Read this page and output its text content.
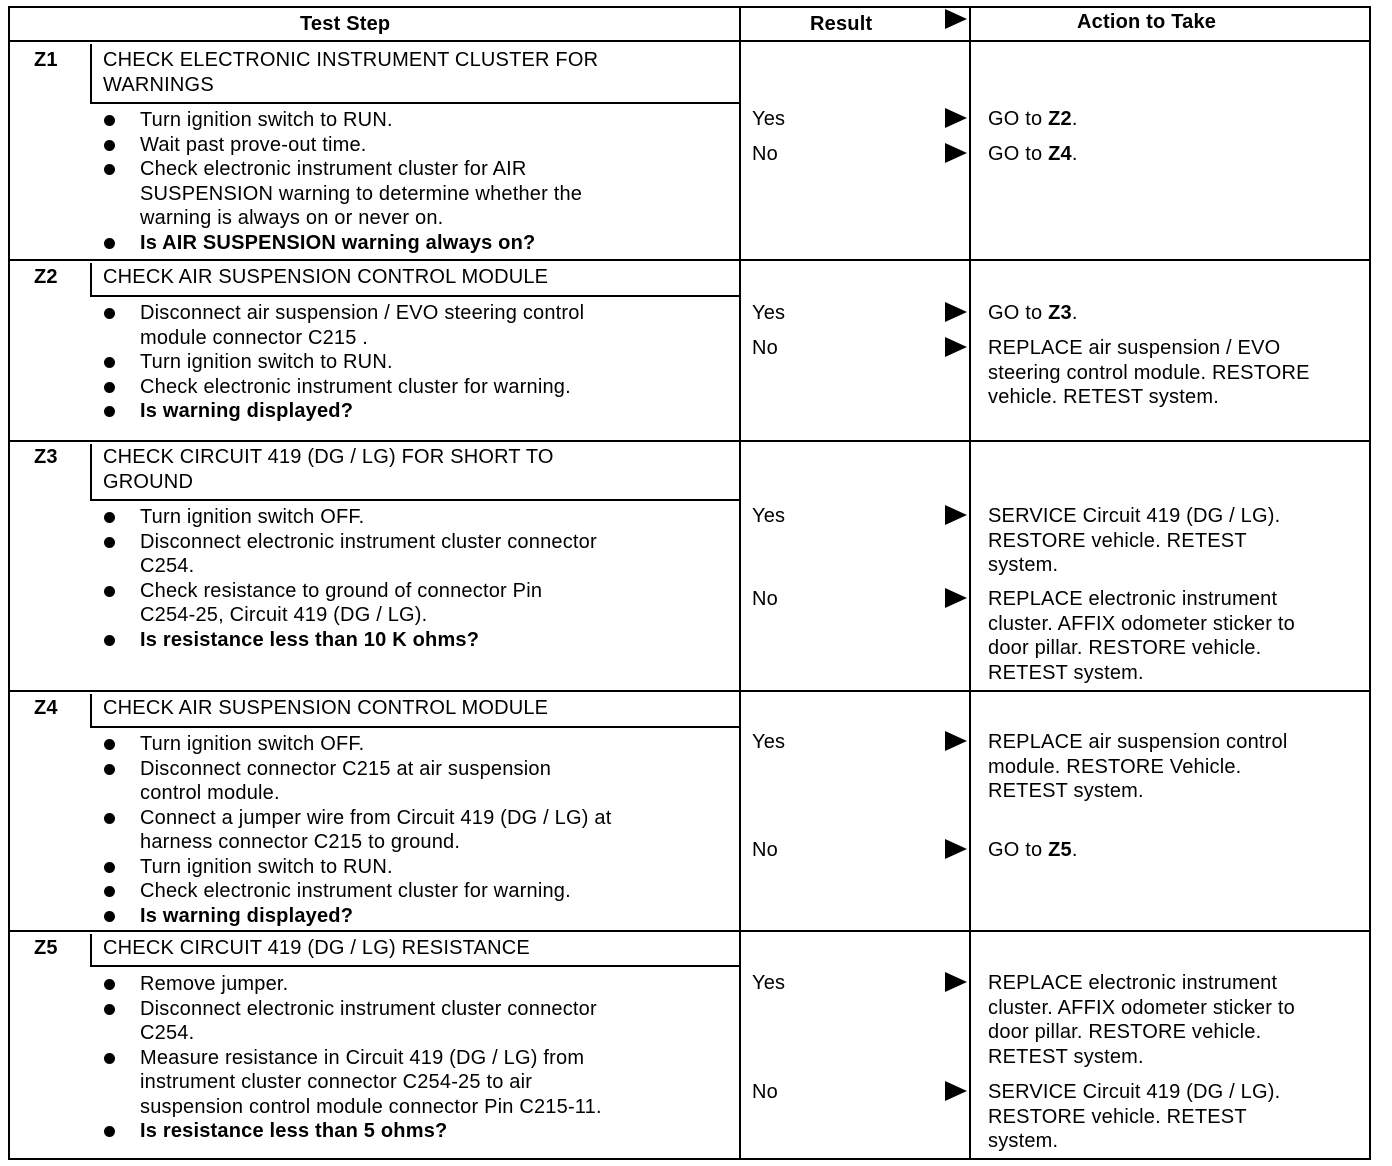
Test Step	Result	Action to Take
Z1 CHECK ELECTRONIC INSTRUMENT CLUSTER FOR
WARNINGS
Turn ignition switch to RUN.
Wait past prove-out time.
Check electronic instrument cluster for AIR
SUSPENSION warning to determine whether the
warning is always on or never on.
Is AIR SUSPENSION warning always on?
Yes	GO to Z2.
No	GO to Z4.
Z2 CHECK AIR SUSPENSION CONTROL MODULE
Disconnect air suspension / EVO steering control
module connector C215 .
Turn ignition switch to RUN.
Check electronic instrument cluster for warning.
Is warning displayed?
Yes	GO to Z3.
No	REPLACE air suspension / EVO
steering control module. RESTORE
vehicle. RETEST system.
Z3 CHECK CIRCUIT 419 (DG / LG) FOR SHORT TO
GROUND
Turn ignition switch OFF.
Disconnect electronic instrument cluster connector
C254.
Check resistance to ground of connector Pin
C254-25, Circuit 419 (DG / LG).
Is resistance less than 10 K ohms?
Yes	SERVICE Circuit 419 (DG / LG).
RESTORE vehicle. RETEST
system.
No	REPLACE electronic instrument
cluster. AFFIX odometer sticker to
door pillar. RESTORE vehicle.
RETEST system.
Z4 CHECK AIR SUSPENSION CONTROL MODULE
Turn ignition switch OFF.
Disconnect connector C215 at air suspension
control module.
Connect a jumper wire from Circuit 419 (DG / LG) at
harness connector C215 to ground.
Turn ignition switch to RUN.
Check electronic instrument cluster for warning.
Is warning displayed?
Yes	REPLACE air suspension control
module. RESTORE Vehicle.
RETEST system.
No	GO to Z5.
Z5 CHECK CIRCUIT 419 (DG / LG) RESISTANCE
Remove jumper.
Disconnect electronic instrument cluster connector
C254.
Measure resistance in Circuit 419 (DG / LG) from
instrument cluster connector C254-25 to air
suspension control module connector Pin C215-11.
Is resistance less than 5 ohms?
Yes	REPLACE electronic instrument
cluster. AFFIX odometer sticker to
door pillar. RESTORE vehicle.
RETEST system.
No	SERVICE Circuit 419 (DG / LG).
RESTORE vehicle. RETEST
system.
